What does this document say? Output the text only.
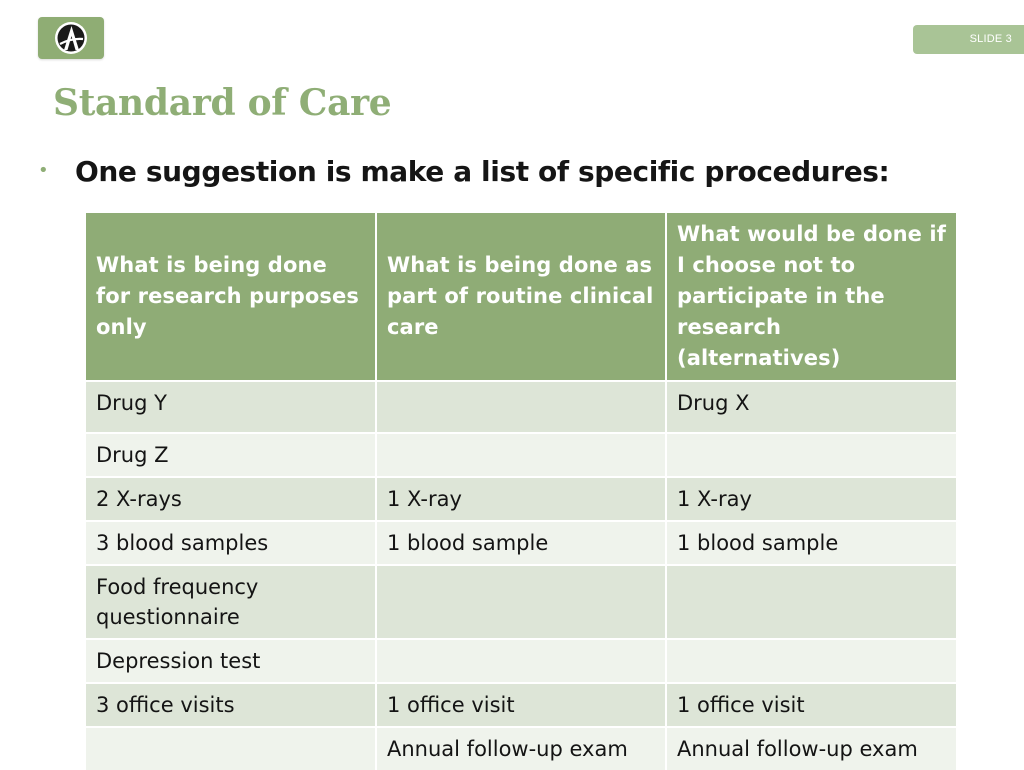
SLIDE 3
Standard of Care
• One suggestion is make a list of specific procedures:
What is being done for research purposes only	What is being done as part of routine clinical care	What would be done if I choose not to participate in the research (alternatives)
Drug Y		Drug X
Drug Z		
2 X-rays	1 X-ray	1 X-ray
3 blood samples	1 blood sample	1 blood sample
Food frequency questionnaire		
Depression test		
3 office visits	1 office visit	1 office visit
	Annual follow-up exam	Annual follow-up exam
